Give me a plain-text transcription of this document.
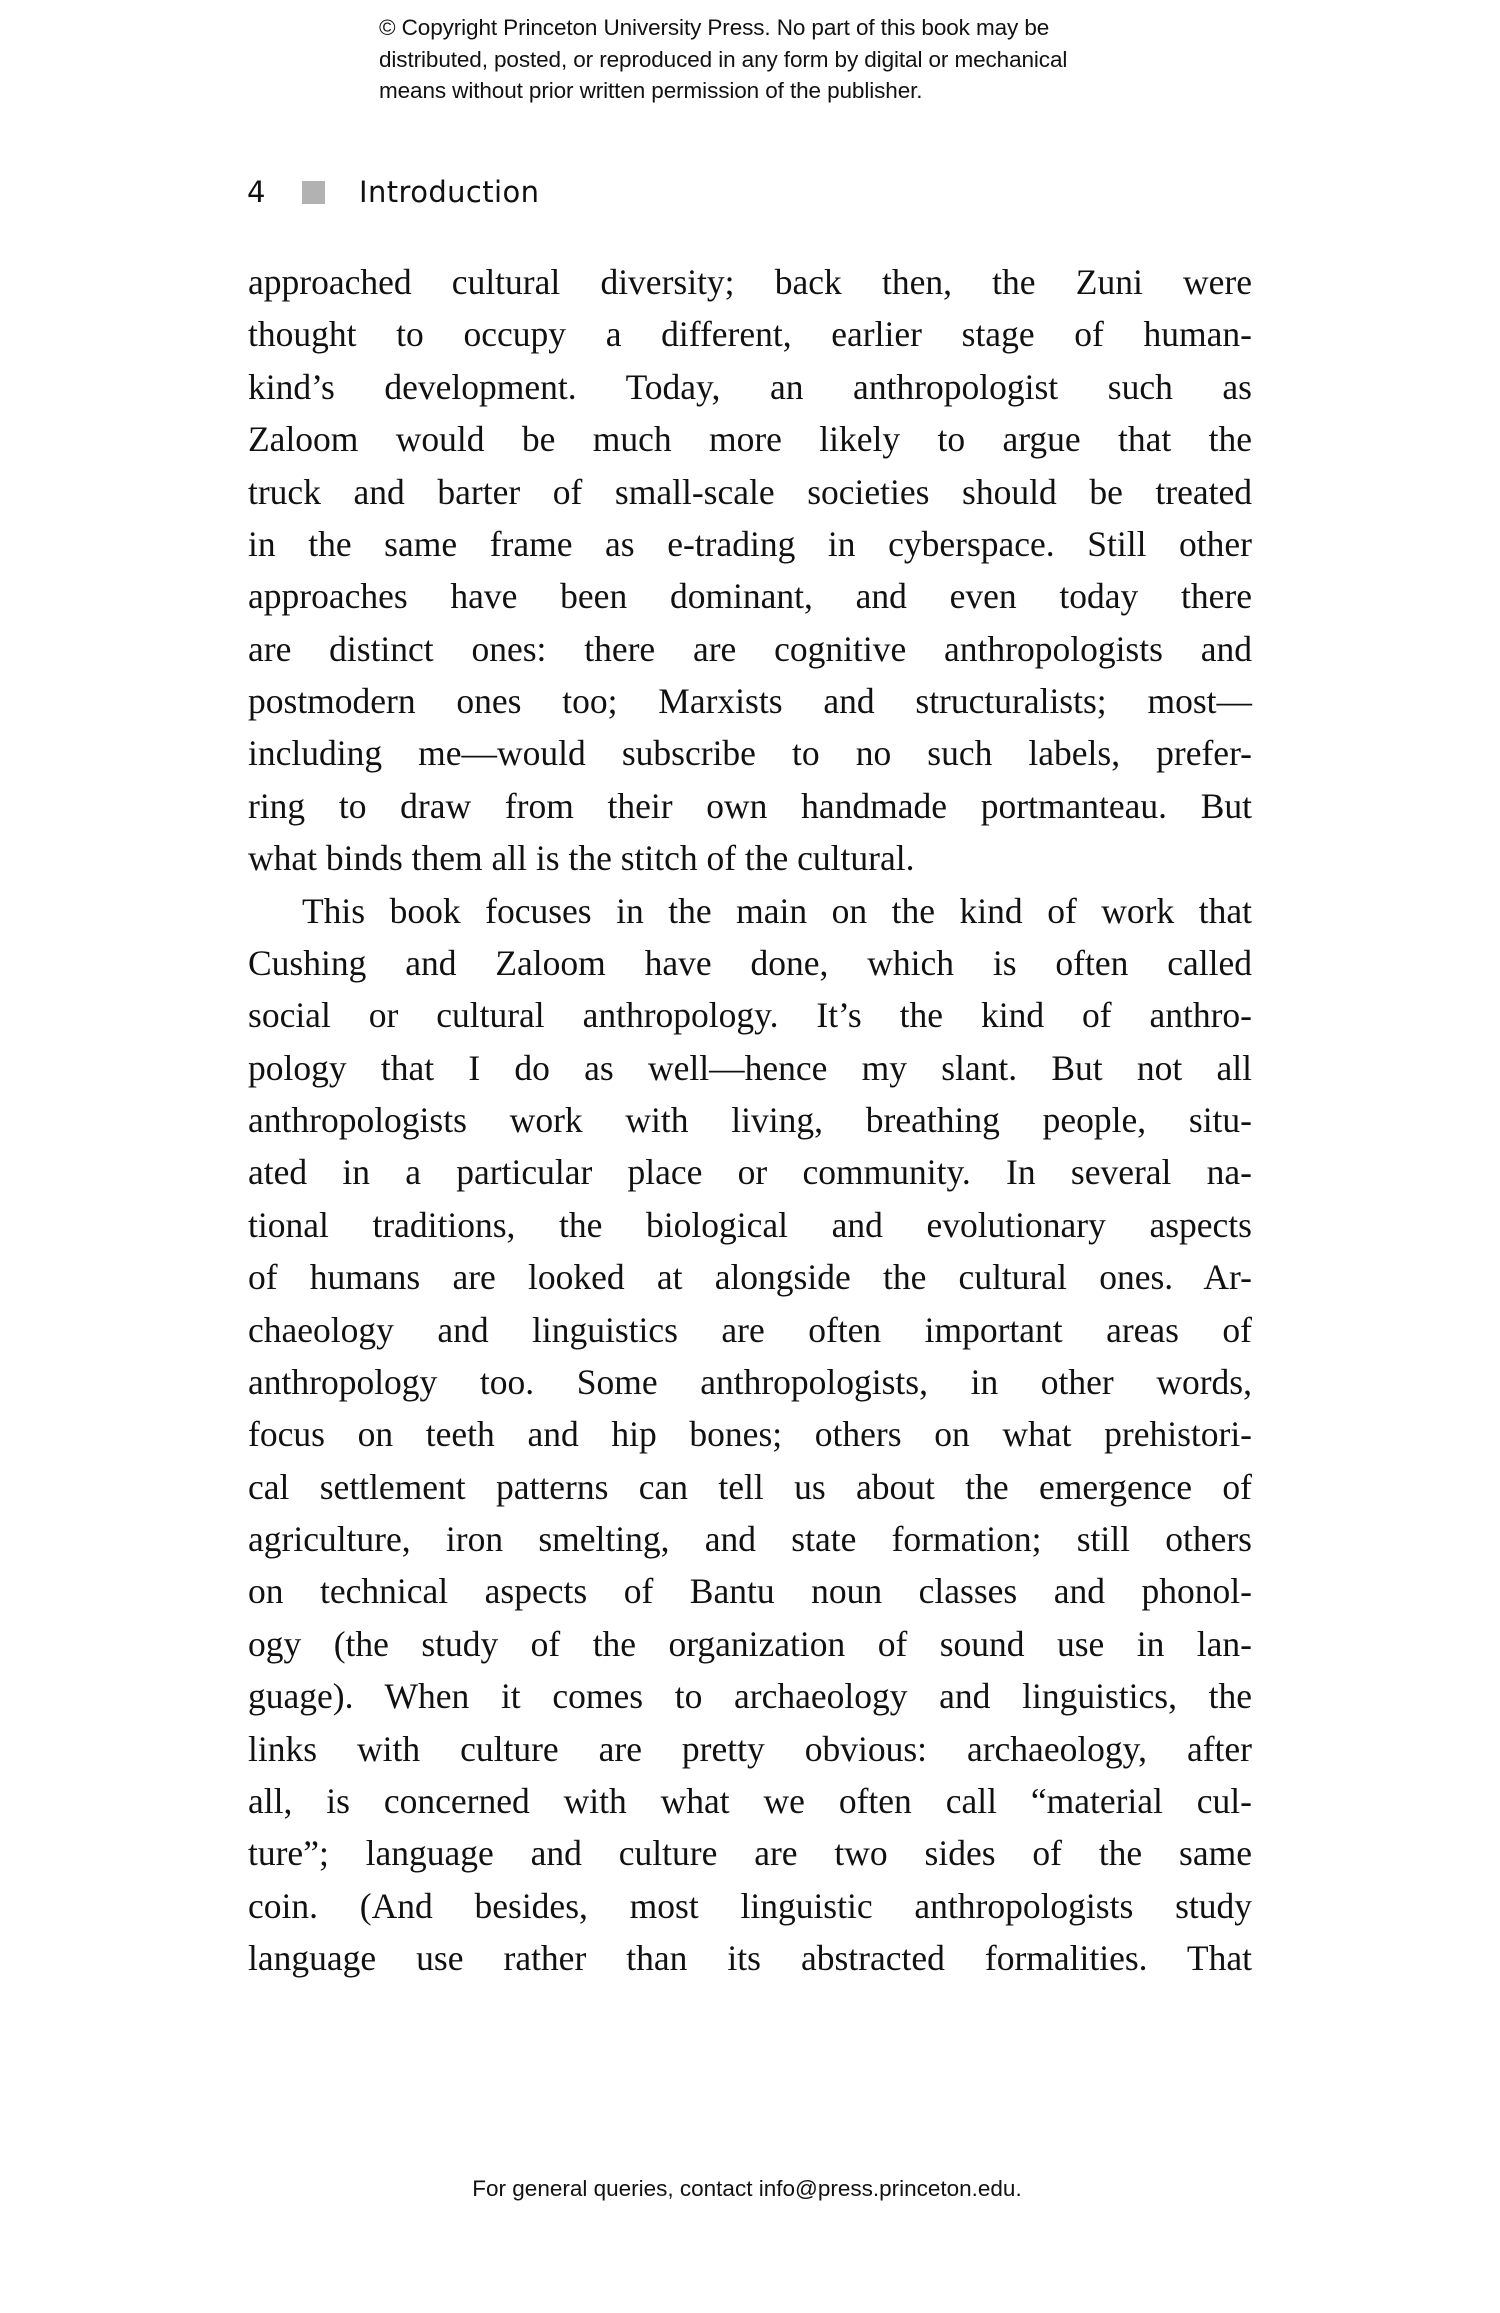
© Copyright Princeton University Press. No part of this book may be
distributed, posted, or reproduced in any form by digital or mechanical
means without prior written permission of the publisher.
4	Introduction
approached cultural diversity; back then, the Zuni were
thought to occupy a different, earlier stage of human-
kind’s development. Today, an anthropologist such as
Zaloom would be much more likely to argue that the
truck and barter of small-scale societies should be treated
in the same frame as e-trading in cyberspace. Still other
approaches have been dominant, and even today there
are distinct ones: there are cognitive anthropologists and
postmodern ones too; Marxists and structuralists; most—
including me—would subscribe to no such labels, prefer-
ring to draw from their own handmade portmanteau. But
what binds them all is the stitch of the cultural.
This book focuses in the main on the kind of work that
Cushing and Zaloom have done, which is often called
social or cultural anthropology. It’s the kind of anthro-
pology that I do as well—hence my slant. But not all
anthropologists work with living, breathing people, situ-
ated in a particular place or community. In several na-
tional traditions, the biological and evolutionary aspects
of humans are looked at alongside the cultural ones. Ar-
chaeology and linguistics are often important areas of
anthropology too. Some anthropologists, in other words,
focus on teeth and hip bones; others on what prehistori-
cal settlement patterns can tell us about the emergence of
agriculture, iron smelting, and state formation; still others
on technical aspects of Bantu noun classes and phonol-
ogy (the study of the organization of sound use in lan-
guage). When it comes to archaeology and linguistics, the
links with culture are pretty obvious: archaeology, after
all, is concerned with what we often call “material cul-
ture”; language and culture are two sides of the same
coin. (And besides, most linguistic anthropologists study
language use rather than its abstracted formalities. That
For general queries, contact info@press.princeton.edu.
